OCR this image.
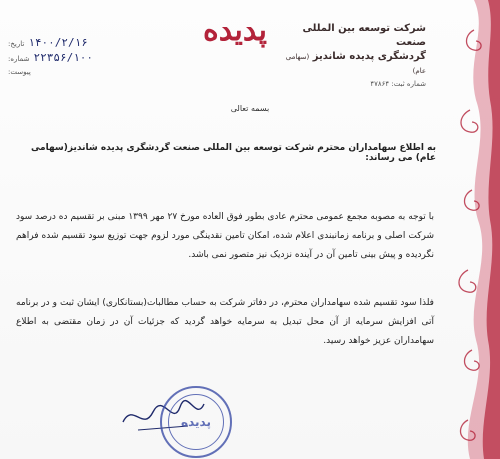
پدیده	شرکت توسعه بین المللی صنعت
گردشگری پدیده شاندیز (سهامی عام)
شماره ثبت: ۴۷۸۶۴
۱۴۰۰/۲/۱۶
تاریخ:
۲۲۳۵۶/۱۰۰
شماره:
پیوست:
بسمه تعالی
به اطلاع سهامداران محترم شرکت توسعه بین المللی صنعت گردشگری پدیده شاندیز(سهامی عام) می رساند:
با توجه به مصوبه مجمع عمومی محترم عادی بطور فوق العاده مورخ ۲۷ مهر ۱۳۹۹ مبنی بر تقسیم ده درصد سود شرکت اصلی و برنامه زمانبندی اعلام شده، امکان تامین نقدینگی مورد لزوم جهت توزیع سود تقسیم شده فراهم نگردیده و پیش بینی تامین آن در آینده نزدیک نیز متصور نمی باشد.
فلذا سود تقسیم شده سهامداران محترم، در دفاتر شرکت به حساب مطالبات(بستانکاری) ایشان ثبت و در برنامه آتی افزایش سرمایه از آن محل تبدیل به سرمایه خواهد گردید که جزئیات آن در زمان مقتضی به اطلاع سهامداران عزیز خواهد رسید.
پدیده
